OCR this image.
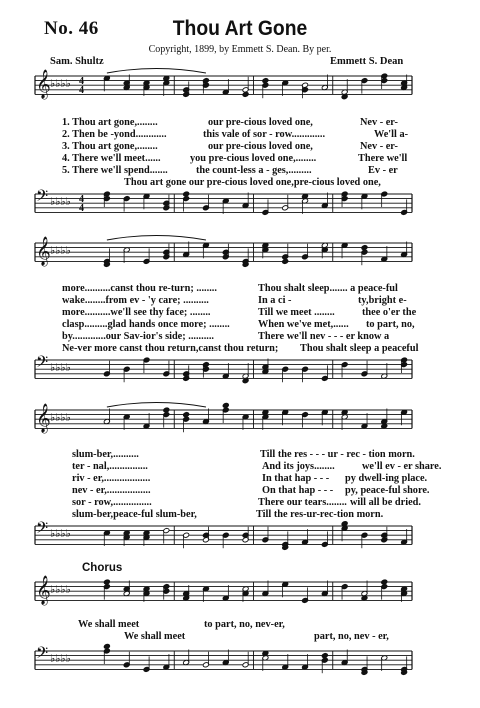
No. 46	Thou Art Gone
Copyright, 1899, by Emmett S. Dean. By per.
Sam. Shultz	Emmett S. Dean
𝄞 ♭♭♭♭ 4
4
1. Thou art gone,........	our pre-cious loved one,	Nev - er-
2. Then be -yond............	this vale of sor - row.............	We'll a-
3. Thou art gone,........	our pre-cious loved one,	Nev - er-
4. There we'll meet......	you pre-cious loved one,........	There we'll
5. There we'll spend.......	the count-less a - ges,.........	Ev - er
Thou art gone our pre-cious loved one,pre-cious loved one,
𝄢 ♭♭♭♭ 4
4
𝄞 ♭♭♭♭
more..........canst thou re-turn; ........	Thou shalt sleep....... a peace-ful
wake........from ev - 'y care; ..........	In a ci -	ty,bright e-
more..........we'll see thy face; ........	Till we meet ........	thee o'er the
clasp.........glad hands once more; ........	When we've met,...... to part, no,
by.............our Sav-ior's side; ..........	There we'll nev - - - er know a
Ne-ver more canst thou return,canst thou return; Thou shalt sleep a peaceful
𝄢 ♭♭♭♭
𝄞 ♭♭♭♭
slum-ber,..........	Till the res - - - ur - rec - tion morn.
ter - nal,...............	And its joys........	we'll ev - er share.
riv - er,..................	In that hap - - - py dwell-ing place.
nev - er,.................	On that hap - - - py, peace-ful shore.
sor - row,...............	There our tears........ will all be dried.
slum-ber,peace-ful slum-ber,	Till the res-ur-rec-tion morn.
𝄢 ♭♭♭♭
Chorus
𝄞 ♭♭♭♭
We shall meet	to part, no, nev-er,
We shall meet	part, no, nev - er,
𝄢 ♭♭♭♭
